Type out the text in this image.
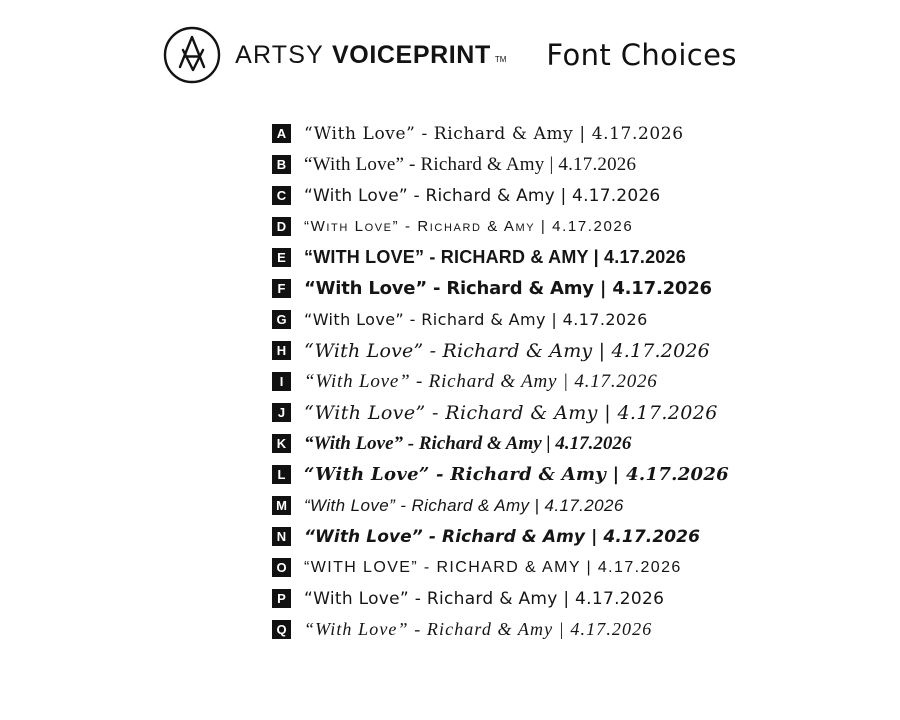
ARTSY VOICEPRINT TM Font Choices
A “With Love” - Richard & Amy | 4.17.2026
B “With Love” - Richard & Amy | 4.17.2026
C “With Love” - Richard & Amy | 4.17.2026
D	“With Love” - Richard & Amy | 4.17.2026
E “WITH LOVE” - RICHARD & AMY | 4.17.2026
F	“With Love” - Richard & Amy | 4.17.2026
G “With Love” - Richard & Amy | 4.17.2026
H “With Love” - Richard & Amy | 4.17.2026
I	“With Love” - Richard & Amy | 4.17.2026
J “With Love” - Richard & Amy | 4.17.2026
K “With Love” - Richard & Amy | 4.17.2026
L	“With Love” - Richard & Amy | 4.17.2026
M “With Love” - Richard & Amy | 4.17.2026
N “With Love” - Richard & Amy | 4.17.2026
O “WITH LOVE” - RICHARD & AMY | 4.17.2026
P	“With Love” - Richard & Amy | 4.17.2026
Q “With Love” - Richard & Amy | 4.17.2026
